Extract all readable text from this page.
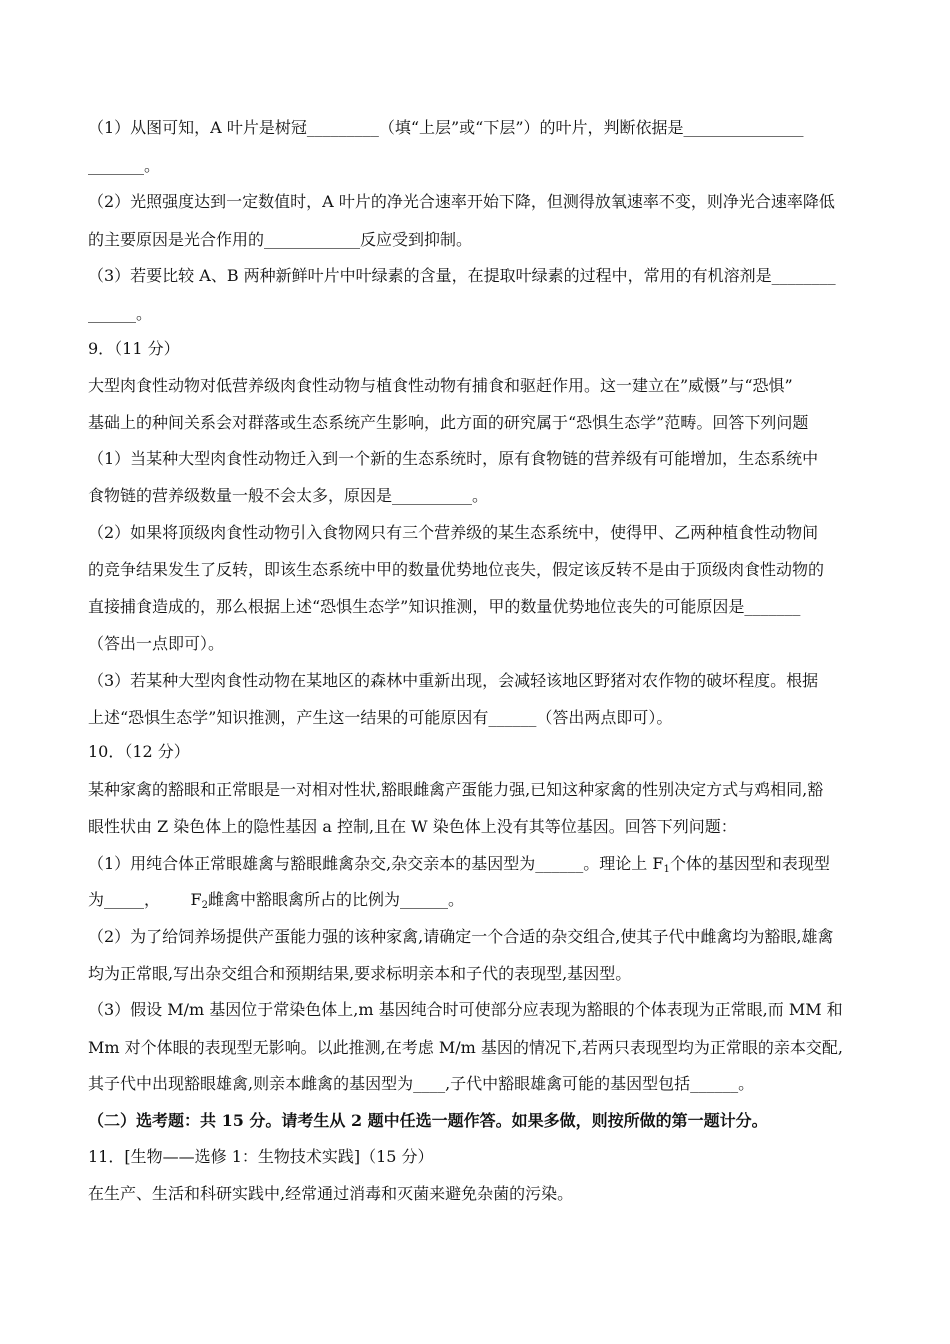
（1）从图可知，A 叶片是树冠_________（填“上层”或“下层”）的叶片，判断依据是_______________
_______。
（2）光照强度达到一定数值时，A 叶片的净光合速率开始下降，但测得放氧速率不变，则净光合速率降低
的主要原因是光合作用的____________反应受到抑制。
（3）若要比较 A、B 两种新鲜叶片中叶绿素的含量，在提取叶绿素的过程中，常用的有机溶剂是________
______。
9．（11 分）
大型肉食性动物对低营养级肉食性动物与植食性动物有捕食和驱赶作用。这一建立在”威慑”与“恐惧”
基础上的种间关系会对群落或生态系统产生影响，此方面的研究属于“恐惧生态学”范畴。回答下列问题
（1）当某种大型肉食性动物迁入到一个新的生态系统时，原有食物链的营养级有可能增加，生态系统中
食物链的营养级数量一般不会太多，原因是__________。
（2）如果将顶级肉食性动物引入食物网只有三个营养级的某生态系统中，使得甲、乙两种植食性动物间
的竞争结果发生了反转，即该生态系统中甲的数量优势地位丧失，假定该反转不是由于顶级肉食性动物的
直接捕食造成的，那么根据上述“恐惧生态学”知识推测，甲的数量优势地位丧失的可能原因是_______
（答出一点即可）。
（3）若某种大型肉食性动物在某地区的森林中重新出现，会减轻该地区野猪对农作物的破坏程度。根据
上述“恐惧生态学”知识推测，产生这一结果的可能原因有______（答出两点即可）。
10．（12 分）
某种家禽的豁眼和正常眼是一对相对性状,豁眼雌禽产蛋能力强,已知这种家禽的性别决定方式与鸡相同,豁
眼性状由 Z 染色体上的隐性基因 a 控制,且在 W 染色体上没有其等位基因。回答下列问题：
（1）用纯合体正常眼雄禽与豁眼雌禽杂交,杂交亲本的基因型为______。理论上 $F_1$个体的基因型和表现型
为_____，      $F_2$雌禽中豁眼禽所占的比例为______。
（2）为了给饲养场提供产蛋能力强的该种家禽,请确定一个合适的杂交组合,使其子代中雌禽均为豁眼,雄禽
均为正常眼,写出杂交组合和预期结果,要求标明亲本和子代的表现型,基因型。
（3）假设 M/m 基因位于常染色体上,m 基因纯合时可使部分应表现为豁眼的个体表现为正常眼,而 MM 和
Mm 对个体眼的表现型无影响。以此推测,在考虑 M/m 基因的情况下,若两只表现型均为正常眼的亲本交配,
其子代中出现豁眼雄禽,则亲本雌禽的基因型为____,子代中豁眼雄禽可能的基因型包括______。
（二）选考题：共 15 分。请考生从 2 题中任选一题作答。如果多做，则按所做的第一题计分。
11．[生物——选修 1：生物技术实践]（15 分）
在生产、生活和科研实践中,经常通过消毒和灭菌来避免杂菌的污染。
